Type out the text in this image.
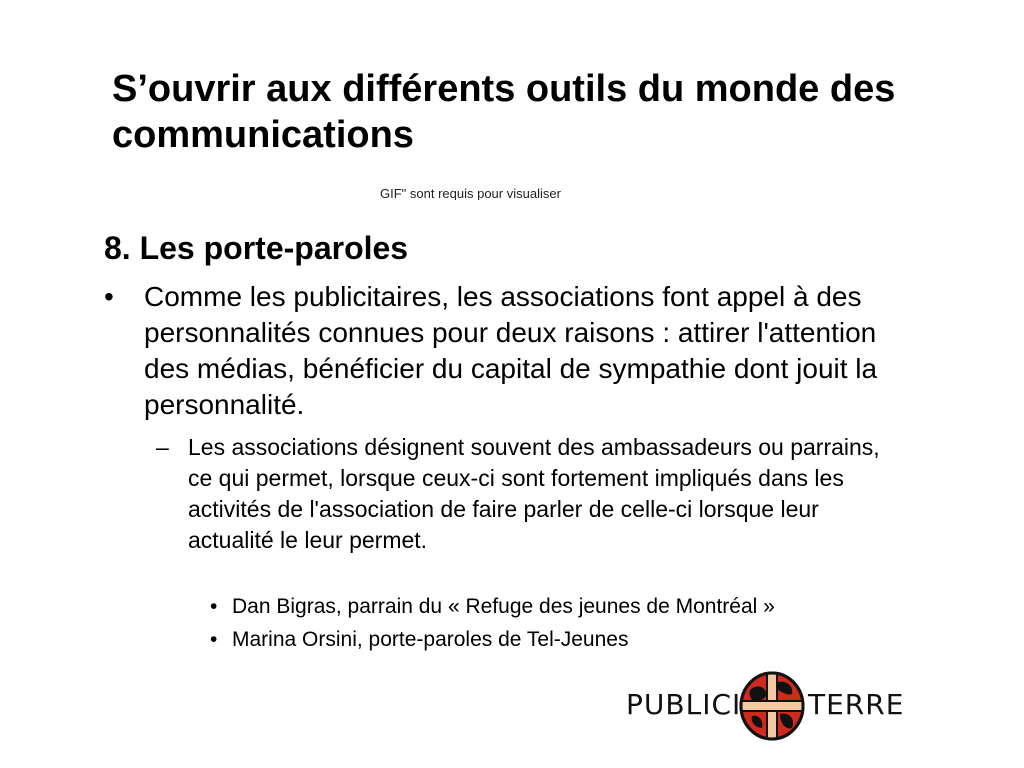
S’ouvrir aux différents outils du monde des communications
GIF" sont requis pour visualiser
8. Les porte-paroles
•	Comme les publicitaires, les associations font appel à des personnalités connues pour deux raisons : attirer l'attention des médias, bénéficier du capital de sympathie dont jouit la personnalité.
– Les associations désignent souvent des ambassadeurs ou parrains, ce qui permet, lorsque ceux-ci sont fortement impliqués dans les activités de l'association de faire parler de celle-ci lorsque leur actualité le leur permet.
• Dan Bigras, parrain du « Refuge des jeunes de Montréal »
• Marina Orsini, porte-paroles de Tel-Jeunes
PUBLICI TERRE
